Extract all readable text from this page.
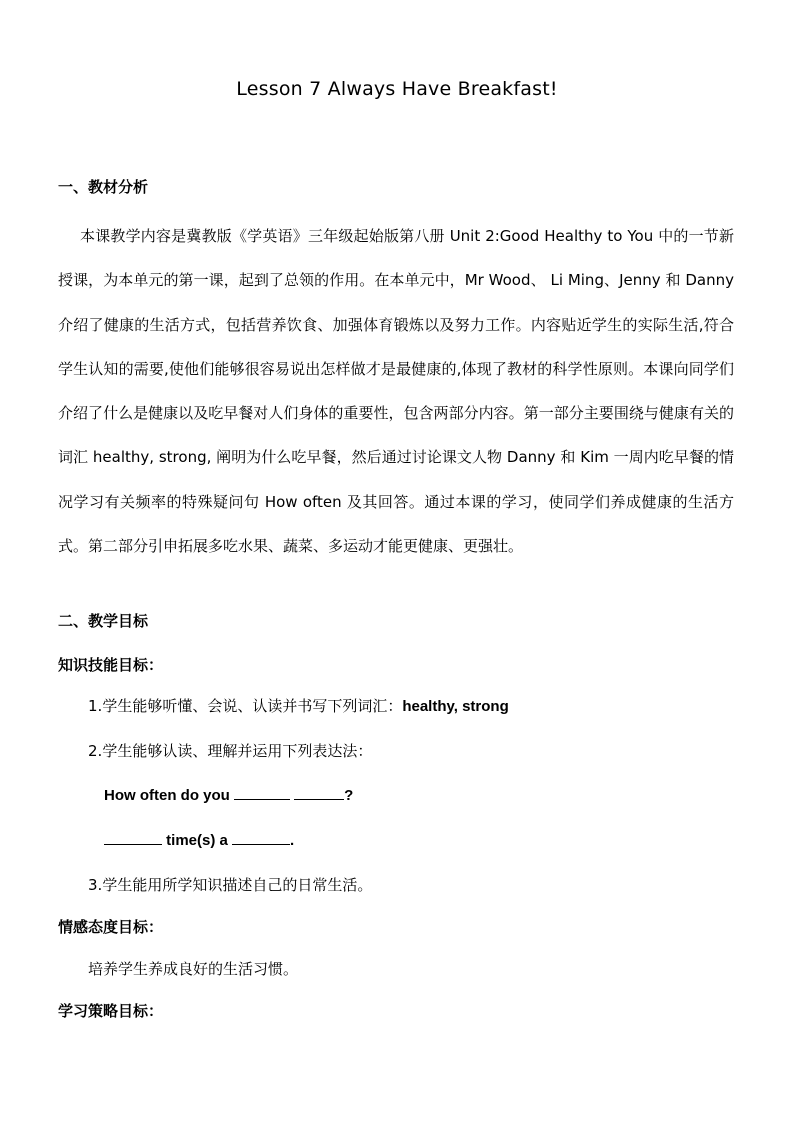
Lesson 7 Always Have Breakfast!
一、教材分析
本课教学内容是冀教版《学英语》三年级起始版第八册 Unit 2:Good Healthy to You 中的一节新授课，为本单元的第一课，起到了总领的作用。在本单元中，Mr Wood、 Li Ming、Jenny 和 Danny 介绍了健康的生活方式，包括营养饮食、加强体育锻炼以及努力工作。内容贴近学生的实际生活,符合学生认知的需要,使他们能够很容易说出怎样做才是最健康的,体现了教材的科学性原则。本课向同学们介绍了什么是健康以及吃早餐对人们身体的重要性，包含两部分内容。第一部分主要围绕与健康有关的词汇 healthy, strong, 阐明为什么吃早餐，然后通过讨论课文人物 Danny 和 Kim 一周内吃早餐的情况学习有关频率的特殊疑问句 How often 及其回答。通过本课的学习，使同学们养成健康的生活方式。第二部分引申拓展多吃水果、蔬菜、多运动才能更健康、更强壮。
二、教学目标
知识技能目标：
1.学生能够听懂、会说、认读并书写下列词汇：healthy, strong
2.学生能够认读、理解并运用下列表达法：
How often do you	?
time(s) a	.
3.学生能用所学知识描述自己的日常生活。
情感态度目标：
培养学生养成良好的生活习惯。
学习策略目标：
